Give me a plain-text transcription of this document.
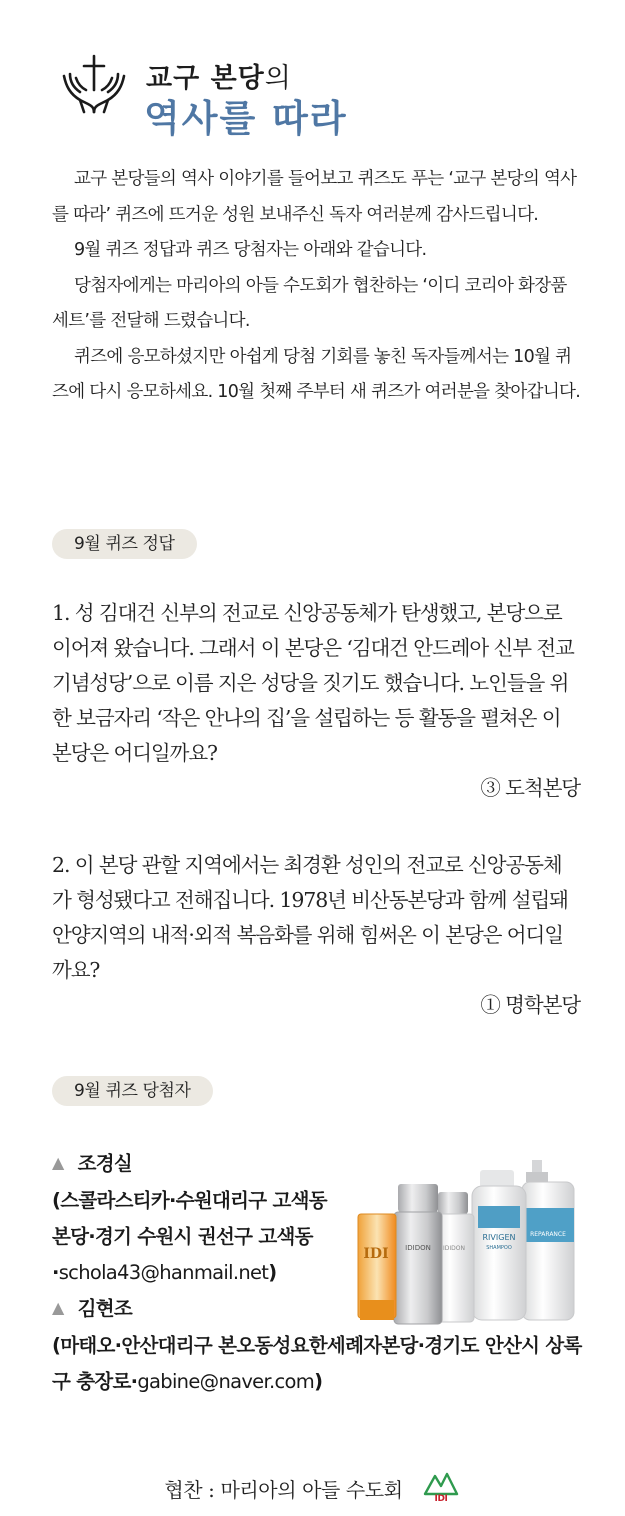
교구 본당의
역사를 따라

교구 본당들의 역사 이야기를 들어보고 퀴즈도 푸는 ‘교구 본당의 역사를 따라’ 퀴즈에 뜨거운 성원 보내주신 독자 여러분께 감사드립니다.

9월 퀴즈 정답과 퀴즈 당첨자는 아래와 같습니다.

당첨자에게는 마리아의 아들 수도회가 협찬하는 ‘이디 코리아 화장품 세트’를 전달해 드렸습니다.

퀴즈에 응모하셨지만 아쉽게 당첨 기회를 놓친 독자들께서는 10월 퀴즈에 다시 응모하세요. 10월 첫째 주부터 새 퀴즈가 여러분을 찾아갑니다.

9월 퀴즈 정답
1. 성 김대건 신부의 전교로 신앙공동체가 탄생했고, 본당으로 이어져 왔습니다. 그래서 이 본당은 ‘김대건 안드레아 신부 전교 기념성당’으로 이름 지은 성당을 짓기도 했습니다. 노인들을 위한 보금자리 ‘작은 안나의 집’을 설립하는 등 활동을 펼쳐온 이 본당은 어디일까요?
③ 도척본당
2. 이 본당 관할 지역에서는 최경환 성인의 전교로 신앙공동체가 형성됐다고 전해집니다. 1978년 비산동본당과 함께 설립돼 안양지역의 내적·외적 복음화를 위해 힘써온 이 본당은 어디일까요?
① 명학본당
9월 퀴즈 당첨자
▲ 조경실
(스콜라스티카·수원대리구 고색동본당·경기 수원시 권선구 고색동·schola43@hanmail.net)
▲ 김현조
(마태오·안산대리구 본오동성요한세례자본당·경기도 안산시 상록구 충장로·gabine@naver.com)
REPARANCE
RIVIGEN
SHAMPOO
IDIDON
IDIDON
IDI
협찬 : 마리아의 아들 수도회	IDI
